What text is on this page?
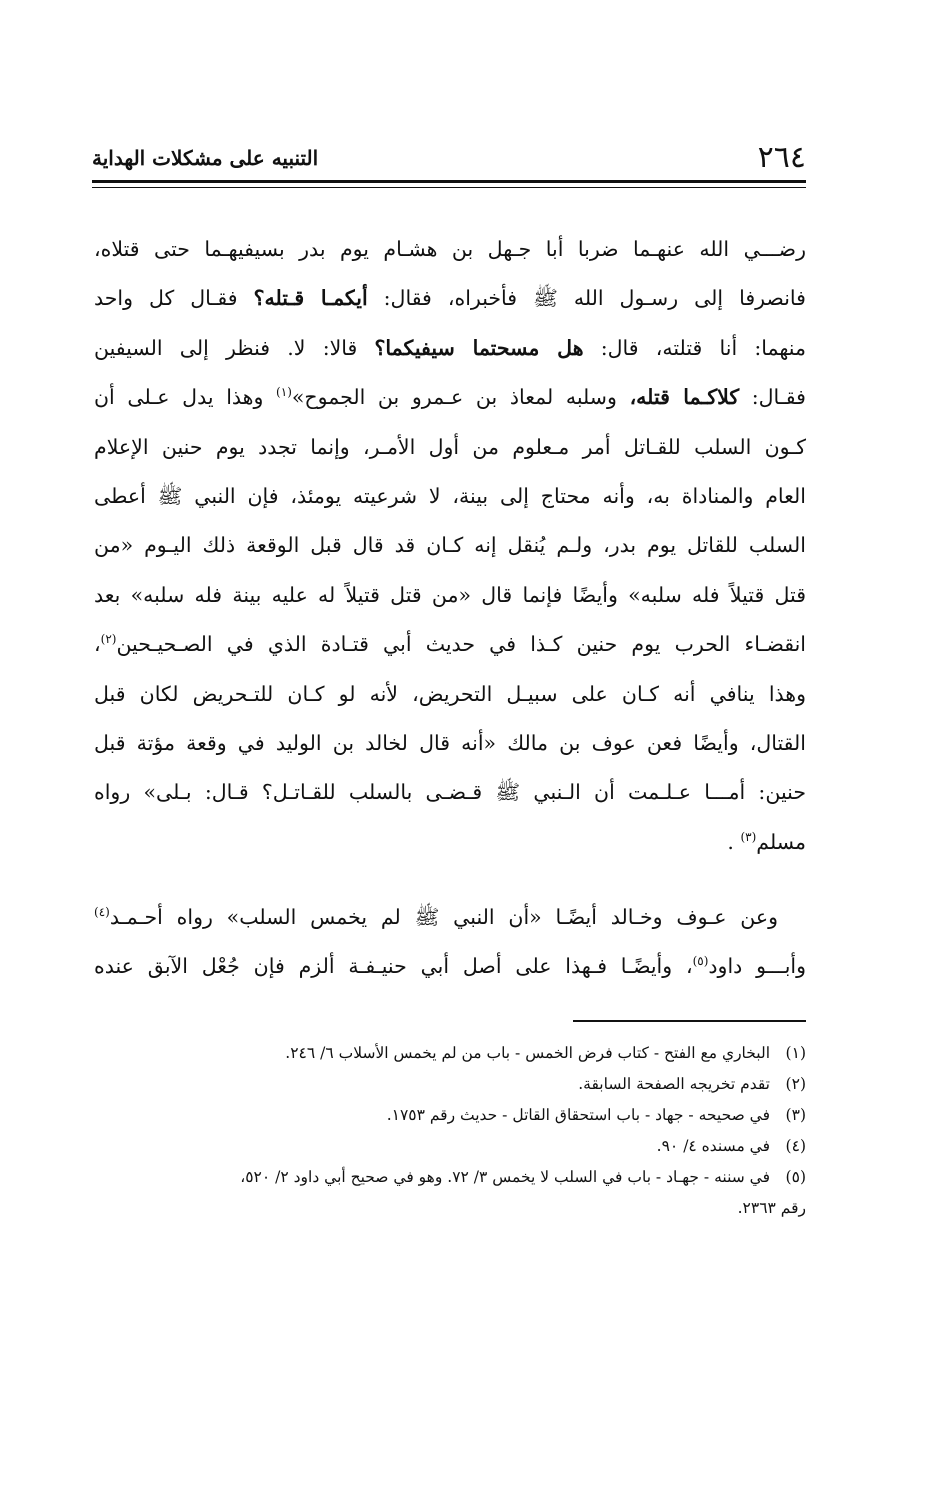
٢٦٤
التنبيه على مشكلات الهداية
رضـــي الله عنهـما ضربا أبا جـهل بن هشـام يوم بدر بسيفيهـما حتى قتلاه،
فانصرفا إلى رسـول الله ﷺ فأخبراه، فقال: أيكمـا قـتله؟ فقـال كل واحد
منهما: أنا قتلته، قال: هل مسحتما سيفيكما؟ قالا: لا. فنظر إلى السيفين
فقـال: كلاكـما قتله، وسلبه لمعاذ بن عـمرو بن الجموح»$^{(١)}$ وهذا يدل عـلى أن
كـون السلب للقـاتل أمر مـعلوم من أول الأمـر، وإنما تجدد يوم حنين الإعلام
العام والمناداة به، وأنه محتاج إلى بينة، لا شرعيته يومئذ، فإن النبي ﷺ أعطى
السلب للقاتل يوم بدر، ولـم يُنقل إنه كـان قد قال قبل الوقعة ذلك اليـوم «من
قتل قتيلاً فله سلبه» وأيضًا فإنما قال «من قتل قتيلاً له عليه بينة فله سلبه» بعد
انقضـاء الحرب يوم حنين كـذا في حديث أبي قتـادة الذي في الصـحيـحين$^{(٢)}$،
وهذا ينافي أنه كـان على سبيـل التحريض، لأنه لو كـان للتـحريض لكان قبل
القتال، وأيضًا فعن عوف بن مالك «أنه قال لخالد بن الوليد في وقعة مؤتة قبل
حنين: أمـــا عـلـمت أن الـنبي ﷺ قـضـى بالسلب للقـاتـل؟ قـال: بـلى» رواه
مسلم$^{(٣)}$ .
وعن عـوف وخـالد أيضًـا «أن النبي ﷺ لم يخمس السلب» رواه أحـمـد$^{(٤)}$
وأبـــو داود$^{(٥)}$، وأيضًـا فـهذا على أصل أبي حنيـفـة ألزم فإن جُعْل الآبق عنده
(١)البخاري مع الفتح - كتاب فرض الخمس - باب من لم يخمس الأسلاب ٦/ ٢٤٦.
(٢)تقدم تخريجه الصفحة السابقة.
(٣)في صحيحه - جهاد - باب استحقاق القاتل - حديث رقم ١٧٥٣.
(٤)في مسنده ٤/ ٩٠.
(٥)في سننه - جهـاد - باب في السلب لا يخمس ٣/ ٧٢. وهو في صحيح أبي داود ٢/ ٥٢٠،
رقم ٢٣٦٣.
